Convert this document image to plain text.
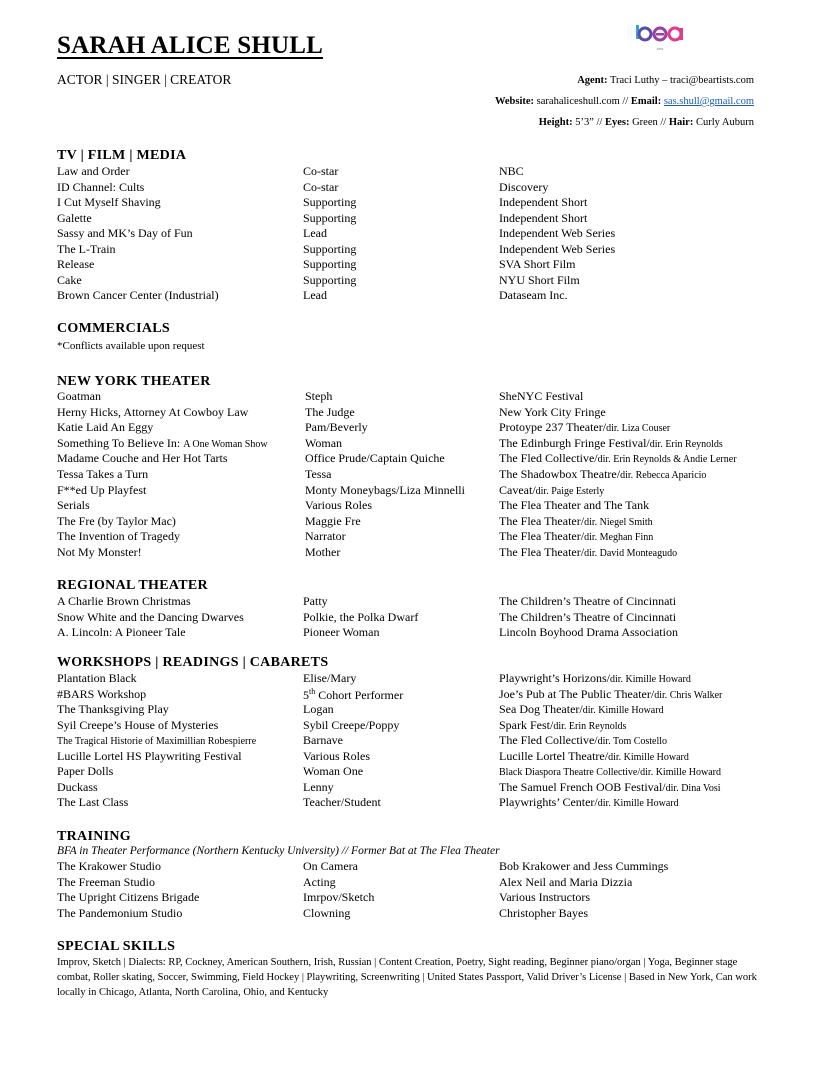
SARAH ALICE SHULL
ACTOR | SINGER | CREATOR
bea
Agent: Traci Luthy – traci@beartists.com
Website: sarahaliceshull.com // Email: sas.shull@gmail.com
Height: 5’3” // Eyes: Green // Hair: Curly Auburn
TV | FILM | MEDIA
Law and Order	Co-star	NBC
ID Channel: Cults	Co-star	Discovery
I Cut Myself Shaving	Supporting	Independent Short
Galette	Supporting	Independent Short
Sassy and MK’s Day of Fun	Lead	Independent Web Series
The L-Train	Supporting	Independent Web Series
Release	Supporting	SVA Short Film
Cake	Supporting	NYU Short Film
Brown Cancer Center (Industrial)	Lead	Dataseam Inc.
COMMERCIALS
*Conflicts available upon request
NEW YORK THEATER
Goatman	Steph	SheNYC Festival
Herny Hicks, Attorney At Cowboy Law	The Judge	New York City Fringe
Katie Laid An Eggy	Pam/Beverly	Protoype 237 Theater/dir. Liza Couser
Something To Believe In: A One Woman Show	Woman	The Edinburgh Fringe Festival/dir. Erin Reynolds
Madame Couche and Her Hot Tarts	Office Prude/Captain Quiche	The Fled Collective/dir. Erin Reynolds & Andie Lerner
Tessa Takes a Turn	Tessa	The Shadowbox Theatre/dir. Rebecca Aparicio
F**ed Up Playfest	Monty Moneybags/Liza Minnelli	Caveat/dir. Paige Esterly
Serials	Various Roles	The Flea Theater and The Tank
The Fre (by Taylor Mac)	Maggie Fre	The Flea Theater/dir. Niegel Smith
The Invention of Tragedy	Narrator	The Flea Theater/dir. Meghan Finn
Not My Monster!	Mother	The Flea Theater/dir. David Monteagudo
REGIONAL THEATER
A Charlie Brown Christmas	Patty	The Children’s Theatre of Cincinnati
Snow White and the Dancing Dwarves	Polkie, the Polka Dwarf	The Children’s Theatre of Cincinnati
A. Lincoln: A Pioneer Tale	Pioneer Woman	Lincoln Boyhood Drama Association
WORKSHOPS | READINGS | CABARETS
Plantation Black	Elise/Mary	Playwright’s Horizons/dir. Kimille Howard
#BARS Workshop	5th Cohort Performer	Joe’s Pub at The Public Theater/dir. Chris Walker
The Thanksgiving Play	Logan	Sea Dog Theater/dir. Kimille Howard
Syil Creepe’s House of Mysteries	Sybil Creepe/Poppy	Spark Fest/dir. Erin Reynolds
The Tragical Historie of Maximillian Robespierre	Barnave	The Fled Collective/dir. Tom Costello
Lucille Lortel HS Playwriting Festival	Various Roles	Lucille Lortel Theatre/dir. Kimille Howard
Paper Dolls	Woman One	Black Diaspora Theatre Collective/dir. Kimille Howard
Duckass	Lenny	The Samuel French OOB Festival/dir. Dina Vosi
The Last Class	Teacher/Student	Playwrights’ Center/dir. Kimille Howard
TRAINING
BFA in Theater Performance (Northern Kentucky University) // Former Bat at The Flea Theater
The Krakower Studio	On Camera	Bob Krakower and Jess Cummings
The Freeman Studio	Acting	Alex Neil and Maria Dizzia
The Upright Citizens Brigade	Imrpov/Sketch	Various Instructors
The Pandemonium Studio	Clowning	Christopher Bayes
SPECIAL SKILLS
Improv, Sketch | Dialects: RP, Cockney, American Southern, Irish, Russian | Content Creation, Poetry, Sight reading, Beginner piano/organ | Yoga, Beginner stage combat, Roller skating, Soccer, Swimming, Field Hockey | Playwriting, Screenwriting | United States Passport, Valid Driver’s License | Based in New York, Can work locally in Chicago, Atlanta, North Carolina, Ohio, and Kentucky
